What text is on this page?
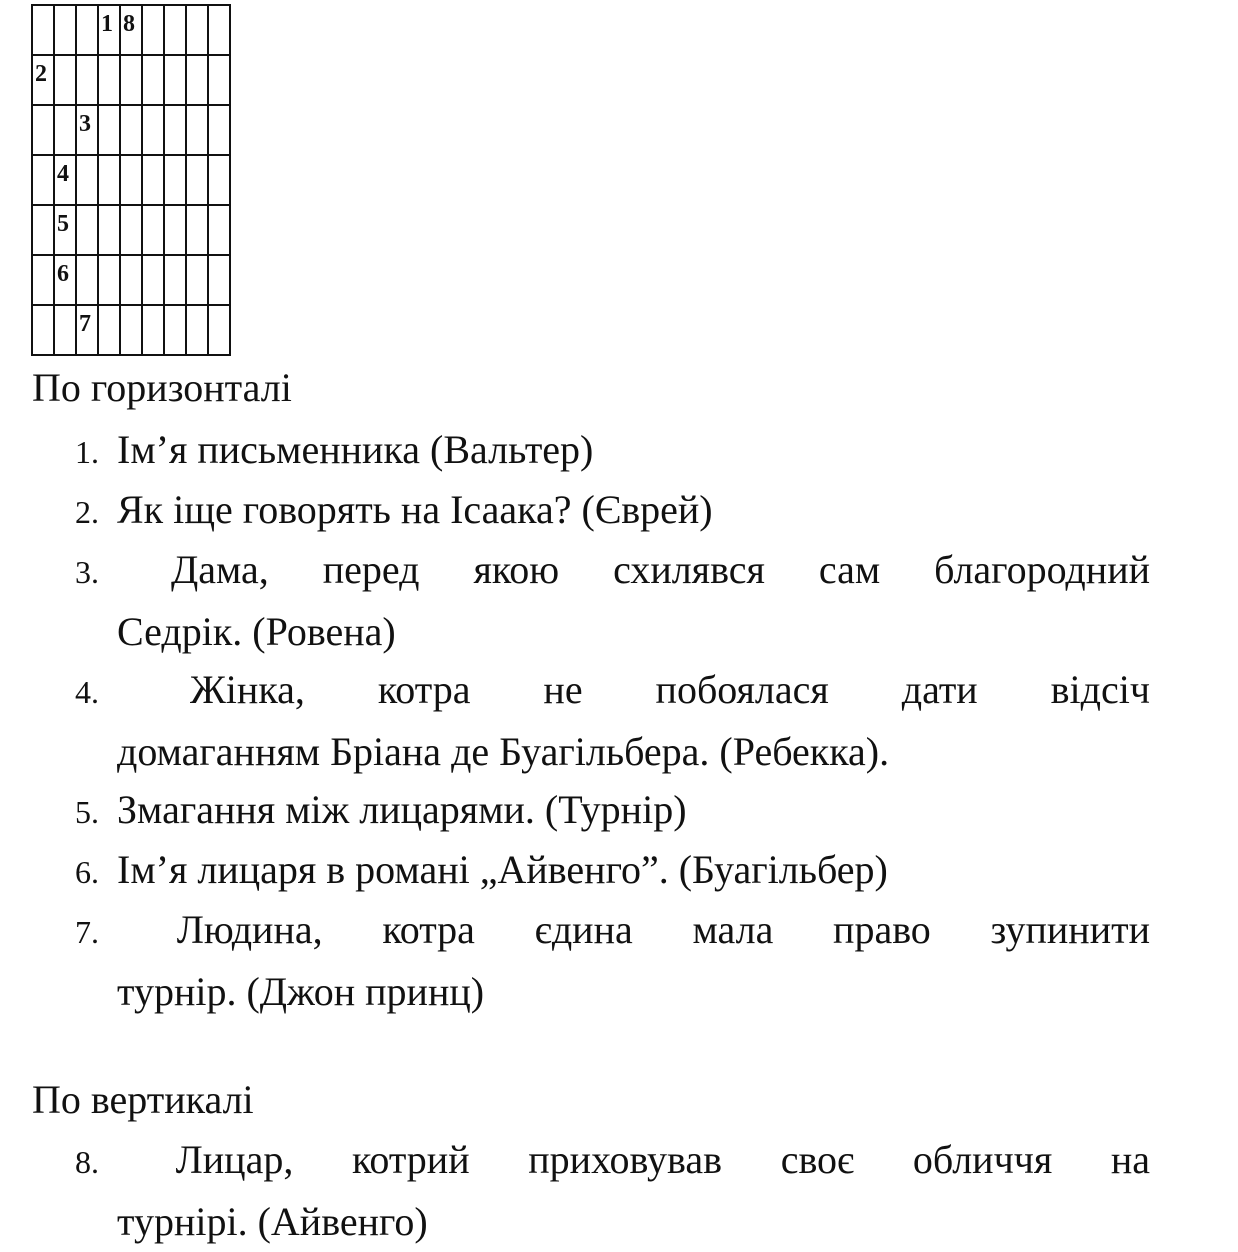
1 8
2
3
4
5
6
7
По горизонталі
1. Ім’я письменника (Вальтер)
2. Як іще говорять на Ісаака? (Єврей)
3. Дама, перед якою схилявся сам благородний
Седрік. (Ровена)
4. Жінка, котра не побоялася дати відсіч
домаганням Бріана де Буагільбера. (Ребекка).
5. Змагання між лицарями. (Турнір)
6. Ім’я лицаря в романі „Айвенго”. (Буагільбер)
7. Людина, котра єдина мала право зупинити
турнір. (Джон принц)
По вертикалі
8. Лицар, котрий приховував своє обличчя на
турнірі. (Айвенго)
